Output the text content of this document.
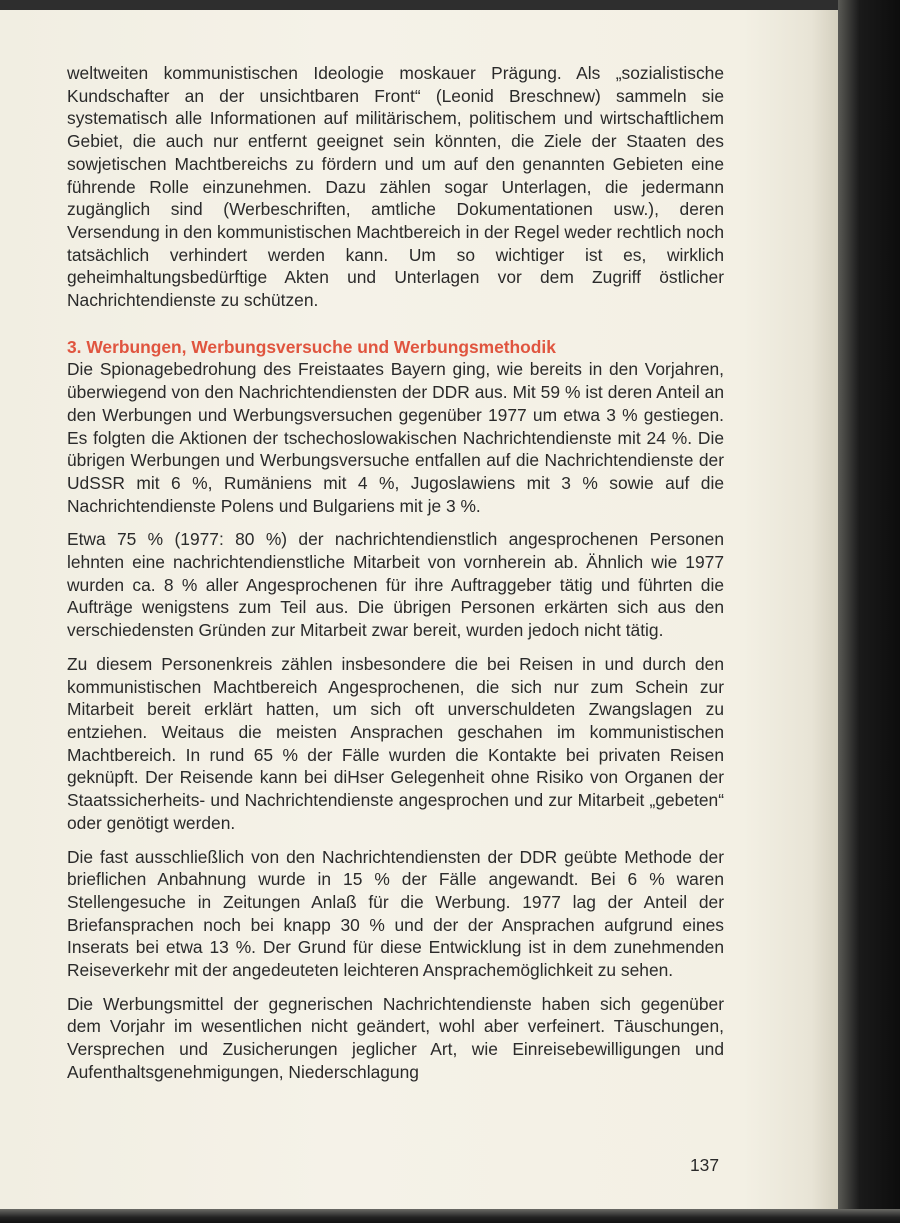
weltweiten kommunistischen Ideologie moskauer Prägung. Als „sozialistische Kundschafter an der unsichtbaren Front“ (Leonid Breschnew) sammeln sie systematisch alle Informationen auf militärischem, politischem und wirtschaftlichem Gebiet, die auch nur entfernt geeignet sein könnten, die Ziele der Staaten des sowjetischen Machtbereichs zu fördern und um auf den genannten Gebieten eine führende Rolle einzunehmen. Dazu zählen sogar Unterlagen, die jedermann zugänglich sind (Werbeschriften, amtliche Dokumentationen usw.), deren Versendung in den kommunistischen Machtbereich in der Regel weder rechtlich noch tatsächlich verhindert werden kann. Um so wichtiger ist es, wirklich geheimhaltungsbedürftige Akten und Unterlagen vor dem Zugriff östlicher Nachrichtendienste zu schützen.

3. Werbungen, Werbungsversuche und Werbungsmethodik

Die Spionagebedrohung des Freistaates Bayern ging, wie bereits in den Vorjahren, überwiegend von den Nachrichtendiensten der DDR aus. Mit 59 % ist deren Anteil an den Werbungen und Werbungsversuchen gegenüber 1977 um etwa 3 % gestiegen. Es folgten die Aktionen der tschechoslowakischen Nachrichtendienste mit 24 %. Die übrigen Werbungen und Werbungsversuche entfallen auf die Nachrichtendienste der UdSSR mit 6 %, Rumäniens mit 4 %, Jugoslawiens mit 3 % sowie auf die Nachrichtendienste Polens und Bulgariens mit je 3 %.

Etwa 75 % (1977: 80 %) der nachrichtendienstlich angesprochenen Personen lehnten eine nachrichtendienstliche Mitarbeit von vornherein ab. Ähnlich wie 1977 wurden ca. 8 % aller Angesprochenen für ihre Auftraggeber tätig und führten die Aufträge wenigstens zum Teil aus. Die übrigen Personen erkärten sich aus den verschiedensten Gründen zur Mitarbeit zwar bereit, wurden jedoch nicht tätig.

Zu diesem Personenkreis zählen insbesondere die bei Reisen in und durch den kommunistischen Machtbereich Angesprochenen, die sich nur zum Schein zur Mitarbeit bereit erklärt hatten, um sich oft unverschuldeten Zwangslagen zu entziehen. Weitaus die meisten Ansprachen geschahen im kommunistischen Machtbereich. In rund 65 % der Fälle wurden die Kontakte bei privaten Reisen geknüpft. Der Reisende kann bei diHser Gelegenheit ohne Risiko von Organen der Staatssicherheits- und Nachrichtendienste angesprochen und zur Mitarbeit „gebeten“ oder genötigt werden.

Die fast ausschließlich von den Nachrichtendiensten der DDR geübte Methode der brieflichen Anbahnung wurde in 15 % der Fälle angewandt. Bei 6 % waren Stellengesuche in Zeitungen Anlaß für die Werbung. 1977 lag der Anteil der Briefansprachen noch bei knapp 30 % und der der Ansprachen aufgrund eines Inserats bei etwa 13 %. Der Grund für diese Entwicklung ist in dem zunehmenden Reiseverkehr mit der angedeuteten leichteren Ansprachemöglichkeit zu sehen.

Die Werbungsmittel der gegnerischen Nachrichtendienste haben sich gegenüber dem Vorjahr im wesentlichen nicht geändert, wohl aber verfeinert. Täuschungen, Versprechen und Zusicherungen jeglicher Art, wie Einreisebewilligungen und Aufenthaltsgenehmigungen, Niederschlagung

137
